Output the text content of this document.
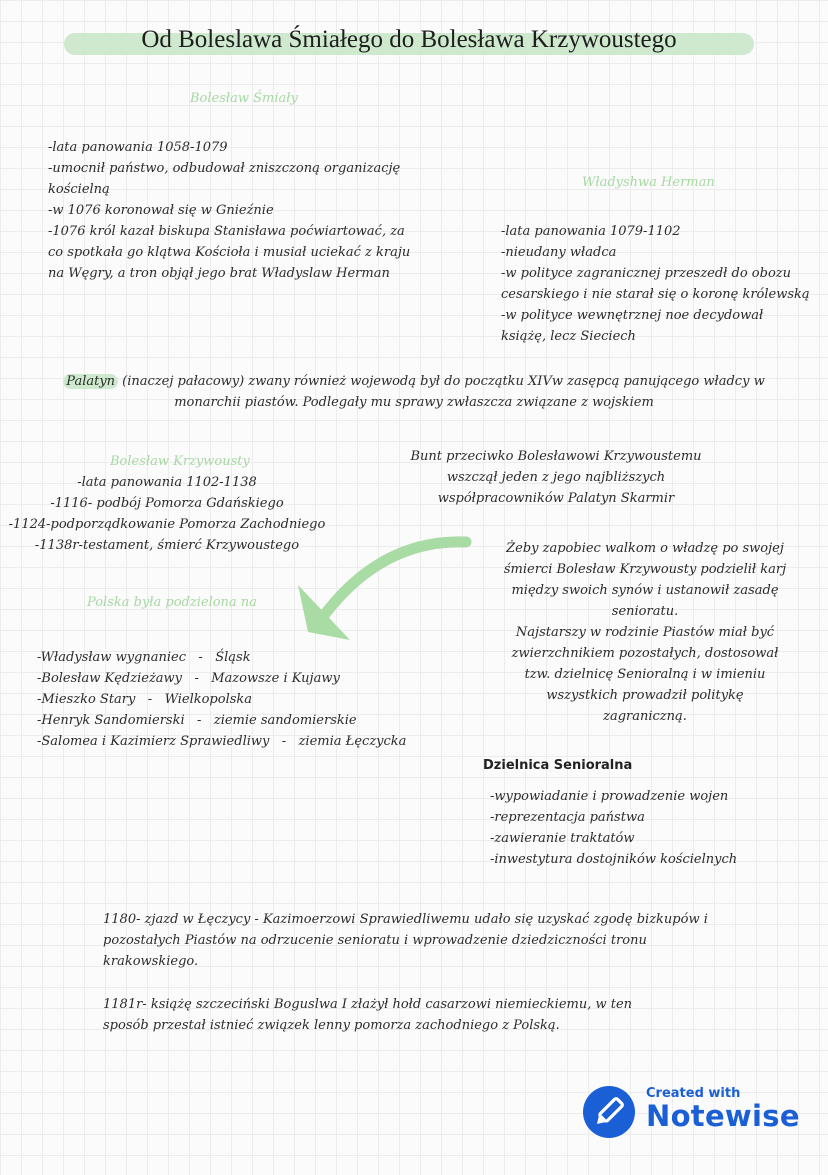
Od Boleslawa Śmiałego do Bolesława Krzywoustego
Bolesław Śmiały
-lata panowania 1058-1079
-umocnił państwo, odbudował zniszczoną organizację
kościelną
-w 1076 koronował się w Gnieźnie
-1076 król kazał biskupa Stanisława poćwiartować, za
co spotkała go klątwa Kościoła i musiał uciekać z kraju
na Węgry, a tron objął jego brat Władyslaw Herman
Władyshwa Herman
-lata panowania 1079-1102
-nieudany władca
-w polityce zagranicznej przeszedł do obozu
cesarskiego i nie starał się o koronę królewską
-w polityce wewnętrznej noe decydował
książę, lecz Sieciech
Palatyn (inaczej pałacowy) zwany również wojewodą był do początku XIVw zasępcą panującego władcy w
monarchii piastów. Podlegały mu sprawy zwłaszcza związane z wojskiem
Bolesław Krzywousty
-lata panowania 1102-1138
-1116- podbój Pomorza Gdańskiego
-1124-podporządkowanie Pomorza Zachodniego
-1138r-testament, śmierć Krzywoustego
Bunt przeciwko Bolesławowi Krzywoustemu
wszczął jeden z jego najbliższych
współpracowników Palatyn Skarmir
Żeby zapobiec walkom o władzę po swojej
śmierci Bolesław Krzywousty podzielił karj
między swoich synów i ustanowił zasadę
senioratu.
Najstarszy w rodzinie Piastów miał być
zwierzchnikiem pozostałych, dostosował
tzw. dzielnicę Senioralną i w imieniu
wszystkich prowadził politykę
zagraniczną.
Polska była podzielona na
-Władysław wygnaniec - Śląsk
-Bolesław Kędzieżawy - Mazowsze i Kujawy
-Mieszko Stary - Wielkopolska
-Henryk Sandomierski - ziemie sandomierskie
-Salomea i Kazimierz Sprawiedliwy - ziemia Łęczycka
Dzielnica Senioralna
-wypowiadanie i prowadzenie wojen
-reprezentacja państwa
-zawieranie traktatów
-inwestytura dostojników kościelnych
1180- zjazd w Łęczycy - Kazimoerzowi Sprawiedliwemu udało się uzyskać zgodę bizkupów i
pozostałych Piastów na odrzucenie senioratu i wprowadzenie dziedziczności tronu
krakowskiego.
1181r- książę szczeciński Boguslwa I złażył hołd casarzowi niemieckiemu, w ten
sposób przestał istnieć związek lenny pomorza zachodniego z Polską.
Created with
Notewise
